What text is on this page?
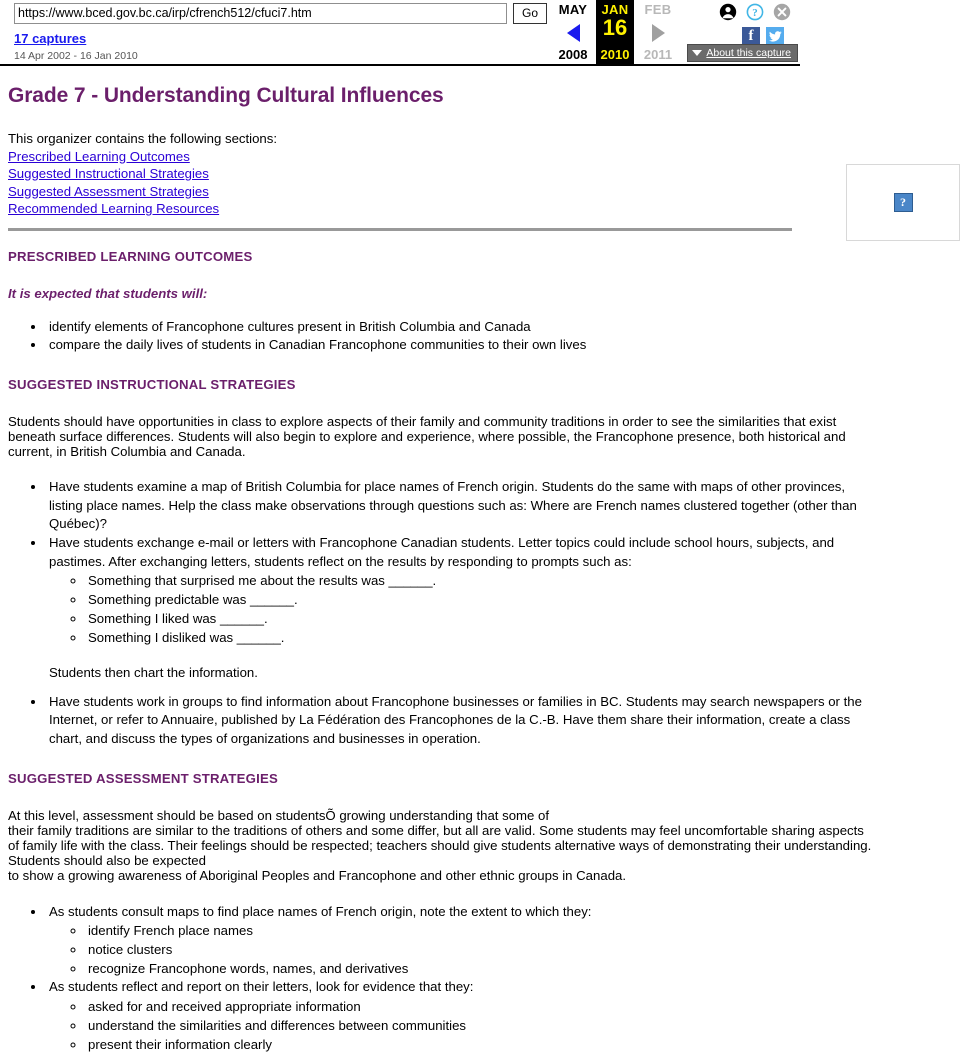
https://www.bced.gov.bc.ca/irp/cfrench512/cfuci7.htm
Go
17 captures
14 Apr 2002 - 16 Jan 2010
MAY
2008
JAN
16
2010
FEB
2011
?
f
About this capture
Grade 7 - Understanding Cultural Influences
?
This organizer contains the following sections:
Prescribed Learning Outcomes
Suggested Instructional Strategies
Suggested Assessment Strategies
Recommended Learning Resources
PRESCRIBED LEARNING OUTCOMES

It is expected that students will:

• identify elements of Francophone cultures present in British Columbia and Canada
• compare the daily lives of students in Canadian Francophone communities to their own lives
SUGGESTED INSTRUCTIONAL STRATEGIES

Students should have opportunities in class to explore aspects of their family and community traditions in order to see the similarities that exist beneath surface differences. Students will also begin to explore and experience, where possible, the Francophone presence, both historical and current, in British Columbia and Canada.

• Have students examine a map of British Columbia for place names of French origin. Students do the same with maps of other provinces, listing place names. Help the class make observations through questions such as: Where are French names clustered together (other than Québec)?
• Have students exchange e-mail or letters with Francophone Canadian students. Letter topics could include school hours, subjects, and pastimes. After exchanging letters, students reflect on the results by responding to prompts such as:
◦ Something that surprised me about the results was ______.
◦ Something predictable was ______.
◦ Something I liked was ______.
◦ Something I disliked was ______.
Students then chart the information.
• Have students work in groups to find information about Francophone businesses or families in BC. Students may search newspapers or the Internet, or refer to Annuaire, published by La Fédération des Francophones de la C.-B. Have them share their information, create a class chart, and discuss the types of organizations and businesses in operation.
SUGGESTED ASSESSMENT STRATEGIES

At this level, assessment should be based on studentsÕ growing understanding that some of

their family traditions are similar to the traditions of others and some differ, but all are valid. Some students may feel uncomfortable sharing aspects

of family life with the class. Their feelings should be respected; teachers should give students alternative ways of demonstrating their understanding. Students should also be expected

to show a growing awareness of Aboriginal Peoples and Francophone and other ethnic groups in Canada.

• As students consult maps to find place names of French origin, note the extent to which they:
◦ identify French place names
◦ notice clusters
◦ recognize Francophone words, names, and derivatives
• As students reflect and report on their letters, look for evidence that they:
◦ asked for and received appropriate information
◦ understand the similarities and differences between communities
◦ present their information clearly
